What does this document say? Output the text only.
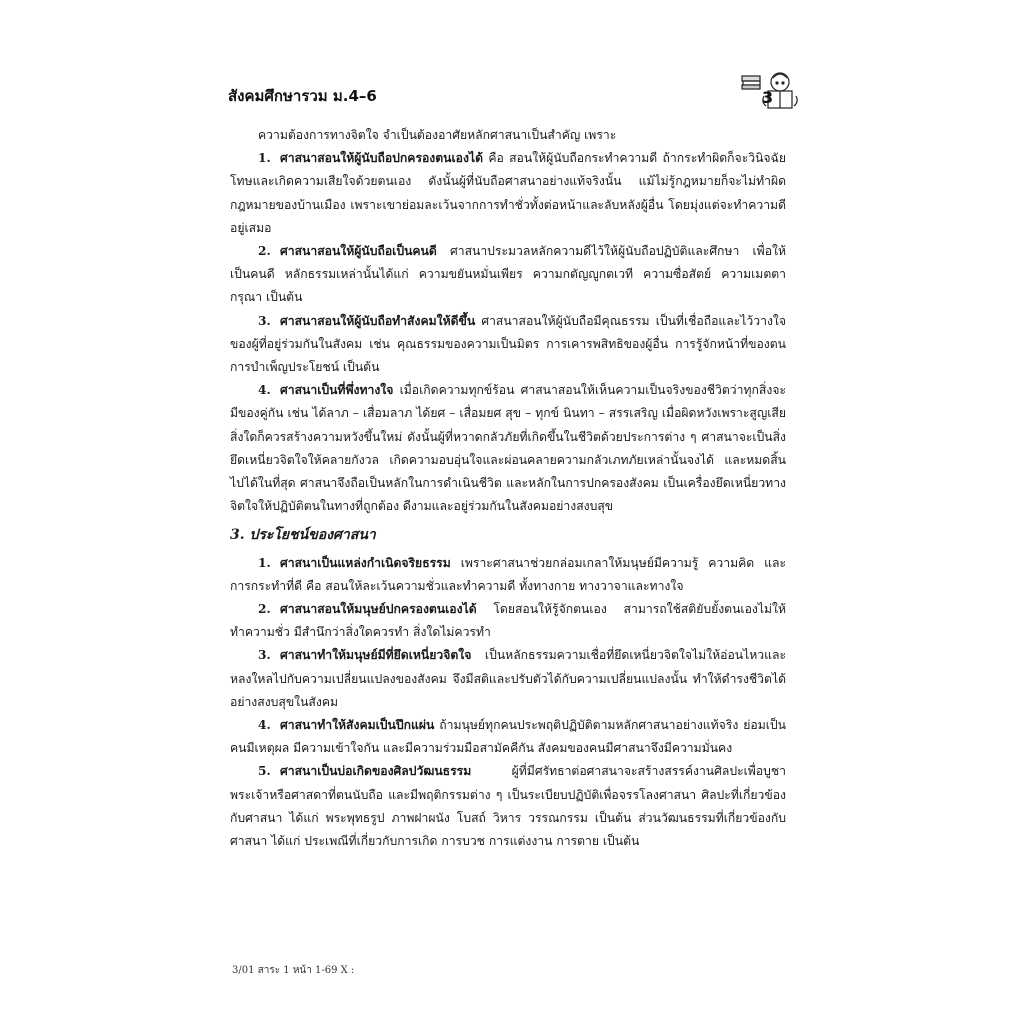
สังคมศึกษารวม ม.4–6	3

ความต้องการทางจิตใจ จำเป็นต้องอาศัยหลักศาสนาเป็นสำคัญ เพราะ

1. ศาสนาสอนให้ผู้นับถือปกครองตนเองได้ คือ สอนให้ผู้นับถือกระทำความดี ถ้ากระทำผิดก็จะวินิจฉัยโทษและเกิดความเสียใจด้วยตนเอง ดังนั้นผู้ที่นับถือศาสนาอย่างแท้จริงนั้น แม้ไม่รู้กฎหมายก็จะไม่ทำผิดกฎหมายของบ้านเมือง เพราะเขาย่อมละเว้นจากการทำชั่วทั้งต่อหน้าและลับหลังผู้อื่น โดยมุ่งแต่จะทำความดีอยู่เสมอ

2. ศาสนาสอนให้ผู้นับถือเป็นคนดี ศาสนาประมวลหลักความดีไว้ให้ผู้นับถือปฏิบัติและศึกษา เพื่อให้เป็นคนดี หลักธรรมเหล่านั้นได้แก่ ความขยันหมั่นเพียร ความกตัญญูกตเวที ความซื่อสัตย์ ความเมตตากรุณา เป็นต้น

3. ศาสนาสอนให้ผู้นับถือทำสังคมให้ดีขึ้น ศาสนาสอนให้ผู้นับถือมีคุณธรรม เป็นที่เชื่อถือและไว้วางใจของผู้ที่อยู่ร่วมกันในสังคม เช่น คุณธรรมของความเป็นมิตร การเคารพสิทธิของผู้อื่น การรู้จักหน้าที่ของตน การบำเพ็ญประโยชน์ เป็นต้น

4. ศาสนาเป็นที่พึ่งทางใจ เมื่อเกิดความทุกข์ร้อน ศาสนาสอนให้เห็นความเป็นจริงของชีวิตว่าทุกสิ่งจะมีของคู่กัน เช่น ได้ลาภ – เสื่อมลาภ ได้ยศ – เสื่อมยศ สุข – ทุกข์ นินทา – สรรเสริญ เมื่อผิดหวังเพราะสูญเสียสิ่งใดก็ควรสร้างความหวังขึ้นใหม่ ดังนั้นผู้ที่หวาดกลัวภัยที่เกิดขึ้นในชีวิตด้วยประการต่าง ๆ ศาสนาจะเป็นสิ่งยึดเหนี่ยวจิตใจให้คลายกังวล เกิดความอบอุ่นใจและผ่อนคลายความกลัวเภทภัยเหล่านั้นจงได้ และหมดสิ้นไปได้ในที่สุด ศาสนาจึงถือเป็นหลักในการดำเนินชีวิต และหลักในการปกครองสังคม เป็นเครื่องยึดเหนี่ยวทางจิตใจให้ปฏิบัติตนในทางที่ถูกต้อง ดีงามและอยู่ร่วมกันในสังคมอย่างสงบสุข

3. ประโยชน์ของศาสนา

1. ศาสนาเป็นแหล่งกำเนิดจริยธรรม เพราะศาสนาช่วยกล่อมเกลาให้มนุษย์มีความรู้ ความคิด และการกระทำที่ดี คือ สอนให้ละเว้นความชั่วและทำความดี ทั้งทางกาย ทางวาจาและทางใจ

2. ศาสนาสอนให้มนุษย์ปกครองตนเองได้ โดยสอนให้รู้จักตนเอง สามารถใช้สติยับยั้งตนเองไม่ให้ทำความชั่ว มีสำนึกว่าสิ่งใดควรทำ สิ่งใดไม่ควรทำ

3. ศาสนาทำให้มนุษย์มีที่ยึดเหนี่ยวจิตใจ เป็นหลักธรรมความเชื่อที่ยึดเหนี่ยวจิตใจไม่ให้อ่อนไหวและหลงใหลไปกับความเปลี่ยนแปลงของสังคม จึงมีสติและปรับตัวได้กับความเปลี่ยนแปลงนั้น ทำให้ดำรงชีวิตได้อย่างสงบสุขในสังคม

4. ศาสนาทำให้สังคมเป็นปึกแผ่น ถ้ามนุษย์ทุกคนประพฤติปฏิบัติตามหลักศาสนาอย่างแท้จริง ย่อมเป็นคนมีเหตุผล มีความเข้าใจกัน และมีความร่วมมือสามัคคีกัน สังคมของคนมีศาสนาจึงมีความมั่นคง

5. ศาสนาเป็นบ่อเกิดของศิลปวัฒนธรรม ผู้ที่มีศรัทธาต่อศาสนาจะสร้างสรรค์งานศิลปะเพื่อบูชาพระเจ้าหรือศาสดาที่ตนนับถือ และมีพฤติกรรมต่าง ๆ เป็นระเบียบปฏิบัติเพื่อจรรโลงศาสนา ศิลปะที่เกี่ยวข้องกับศาสนา ได้แก่ พระพุทธรูป ภาพฝาผนัง โบสถ์ วิหาร วรรณกรรม เป็นต้น ส่วนวัฒนธรรมที่เกี่ยวข้องกับศาสนา ได้แก่ ประเพณีที่เกี่ยวกับการเกิด การบวช การแต่งงาน การตาย เป็นต้น

3/01 สาระ 1 หน้า 1-69 X :
